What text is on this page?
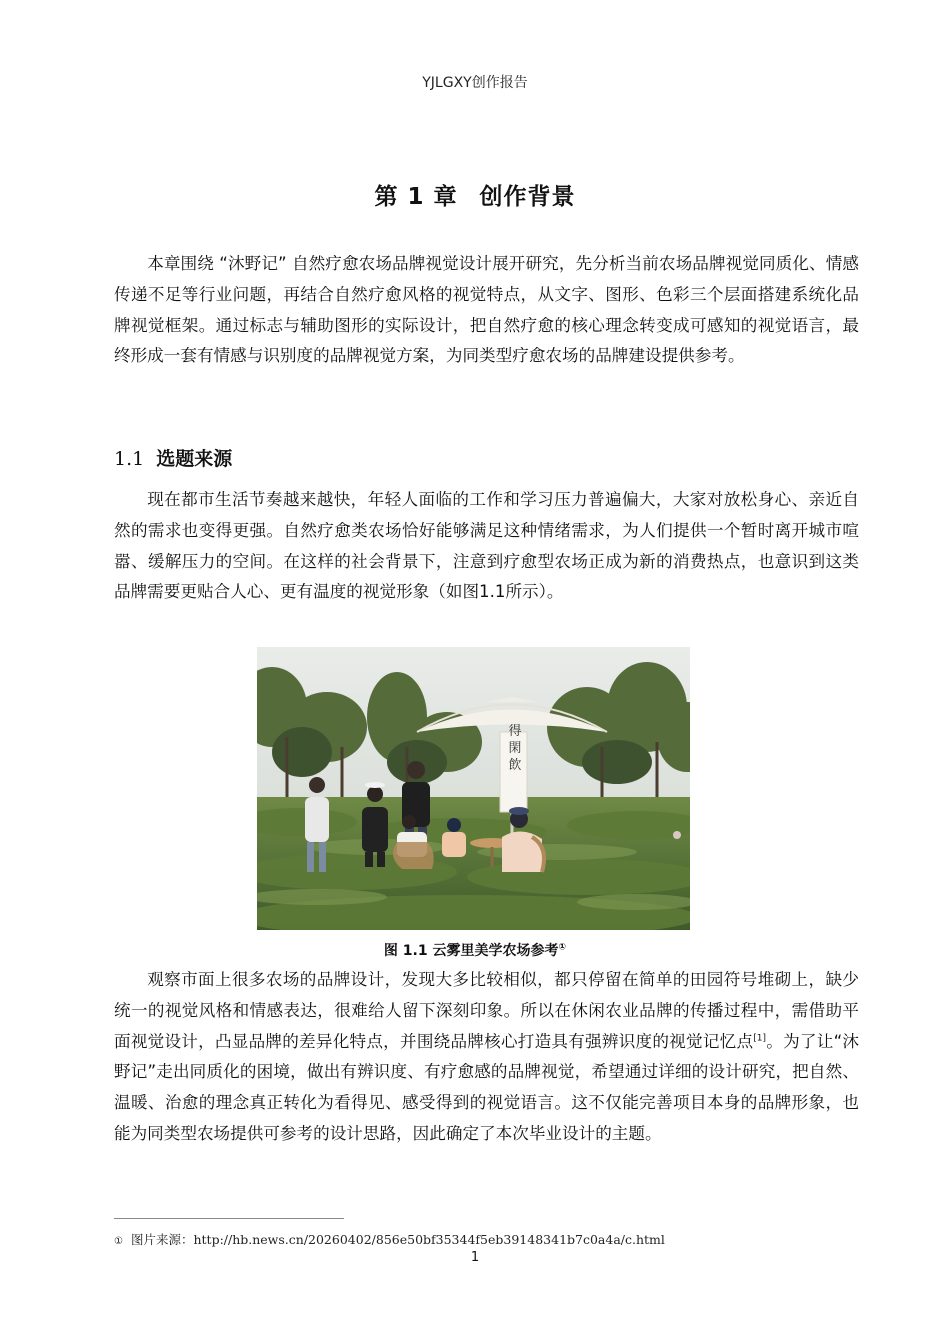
YJLGXY创作报告
第 1 章 创作背景

本章围绕 “沐野记” 自然疗愈农场品牌视觉设计展开研究，先分析当前农场品牌视觉同质化、情感传递不足等行业问题，再结合自然疗愈风格的视觉特点，从文字、图形、色彩三个层面搭建系统化品牌视觉框架。通过标志与辅助图形的实际设计，把自然疗愈的核心理念转变成可感知的视觉语言，最终形成一套有情感与识别度的品牌视觉方案，为同类型疗愈农场的品牌建设提供参考。

1.1 选题来源

现在都市生活节奏越来越快，年轻人面临的工作和学习压力普遍偏大，大家对放松身心、亲近自然的需求也变得更强。自然疗愈类农场恰好能够满足这种情绪需求，为人们提供一个暂时离开城市喧嚣、缓解压力的空间。在这样的社会背景下，注意到疗愈型农场正成为新的消费热点，也意识到这类品牌需要更贴合人心、更有温度的视觉形象（如图1.1所示）。

得閑飲
图 1.1 云雾里美学农场参考①

观察市面上很多农场的品牌设计，发现大多比较相似，都只停留在简单的田园符号堆砌上，缺少统一的视觉风格和情感表达，很难给人留下深刻印象。所以在休闲农业品牌的传播过程中，需借助平面视觉设计，凸显品牌的差异化特点，并围绕品牌核心打造具有强辨识度的视觉记忆点[1]。为了让“沐野记”走出同质化的困境，做出有辨识度、有疗愈感的品牌视觉，希望通过详细的设计研究，把自然、温暖、治愈的理念真正转化为看得见、感受得到的视觉语言。这不仅能完善项目本身的品牌形象，也能为同类型农场提供可参考的设计思路，因此确定了本次毕业设计的主题。

① 图片来源：http://hb.news.cn/20260402/856e50bf35344f5eb39148341b7c0a4a/c.html
1
